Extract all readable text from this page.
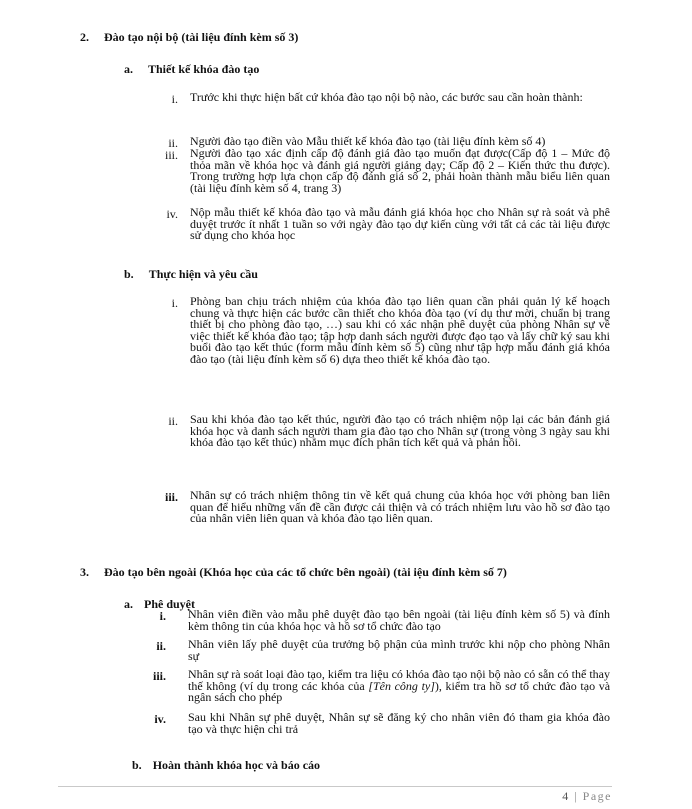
2. Đào tạo nội bộ (tài liệu đính kèm số 3)
a. Thiết kế khóa đào tạo
i. Trước khi thực hiện bất cứ khóa đào tạo nội bộ nào, các bước sau cần hoàn thành:
ii. Người đào tạo điền vào Mẫu thiết kế khóa đào tạo (tài liệu đính kèm số 4)
iii. Người đào tạo xác định cấp độ đánh giá đào tạo muốn đạt được(Cấp độ 1 – Mức độ thỏa mãn về khóa học và đánh giá người giảng dạy; Cấp độ 2 – Kiến thức thu được). Trong trường hợp lựa chọn cấp độ đánh giá số 2, phải hoàn thành mẫu biểu liên quan (tài liệu đính kèm số 4, trang 3)
iv. Nộp mẫu thiết kế khóa đào tạo và mẫu đánh giá khóa học cho Nhân sự rà soát và phê duyệt trước ít nhất 1 tuần so với ngày đào tạo dự kiến cùng với tất cả các tài liệu được sử dụng cho khóa học
b. Thực hiện và yêu cầu
i. Phòng ban chịu trách nhiệm của khóa đào tạo liên quan cần phải quản lý kế hoạch chung và thực hiện các bước cần thiết cho khóa đòa tạo (ví dụ thư mời, chuẩn bị trang thiết bị cho phòng đào tạo, …) sau khi có xác nhận phê duyệt của phòng Nhân sự về việc thiết kế khóa đào tạo; tập hợp danh sách người được đạo tạo và lấy chữ ký sau khi buổi đào tạo kết thúc (form mẫu đính kèm số 5) cũng như tập hợp mẫu đánh giá khóa đào tạo (tài liệu đính kèm số 6) dựa theo thiết kế khóa đào tạo.
ii. Sau khi khóa đào tạo kết thúc, người đào tạo có trách nhiệm nộp lại các bản đánh giá khóa học và danh sách người tham gia đào tạo cho Nhân sự (trong vòng 3 ngày sau khi khóa đào tạo kết thúc) nhằm mục đích phân tích kết quả và phản hồi.
iii. Nhân sự có trách nhiệm thông tin về kết quả chung của khóa học với phòng ban liên quan để hiểu những vấn đề cần được cải thiện và có trách nhiệm lưu vào hồ sơ đào tạo của nhân viên liên quan và khóa đào tạo liên quan.
3. Đào tạo bên ngoài (Khóa học của các tổ chức bên ngoài) (tài iệu đính kèm số 7)
a. Phê duyệt
i. Nhân viên điền vào mẫu phê duyệt đào tạo bên ngoài (tài liệu đính kèm số 5) và đính kèm thông tin của khóa học và hồ sơ tổ chức đào tạo
ii. Nhân viên lấy phê duyệt của trưởng bộ phận của mình trước khi nộp cho phòng Nhân sự
iii. Nhân sự rà soát loại đào tạo, kiểm tra liệu có khóa đào tạo nội bộ nào có sẵn có thể thay thế không (ví dụ trong các khóa của [Tên công ty]), kiểm tra hồ sơ tổ chức đào tạo và ngân sách cho phép
iv. Sau khi Nhân sự phê duyệt, Nhân sự sẽ đăng ký cho nhân viên đó tham gia khóa đào tạo và thực hiện chi trả
b. Hoàn thành khóa học và báo cáo
4 | Page
